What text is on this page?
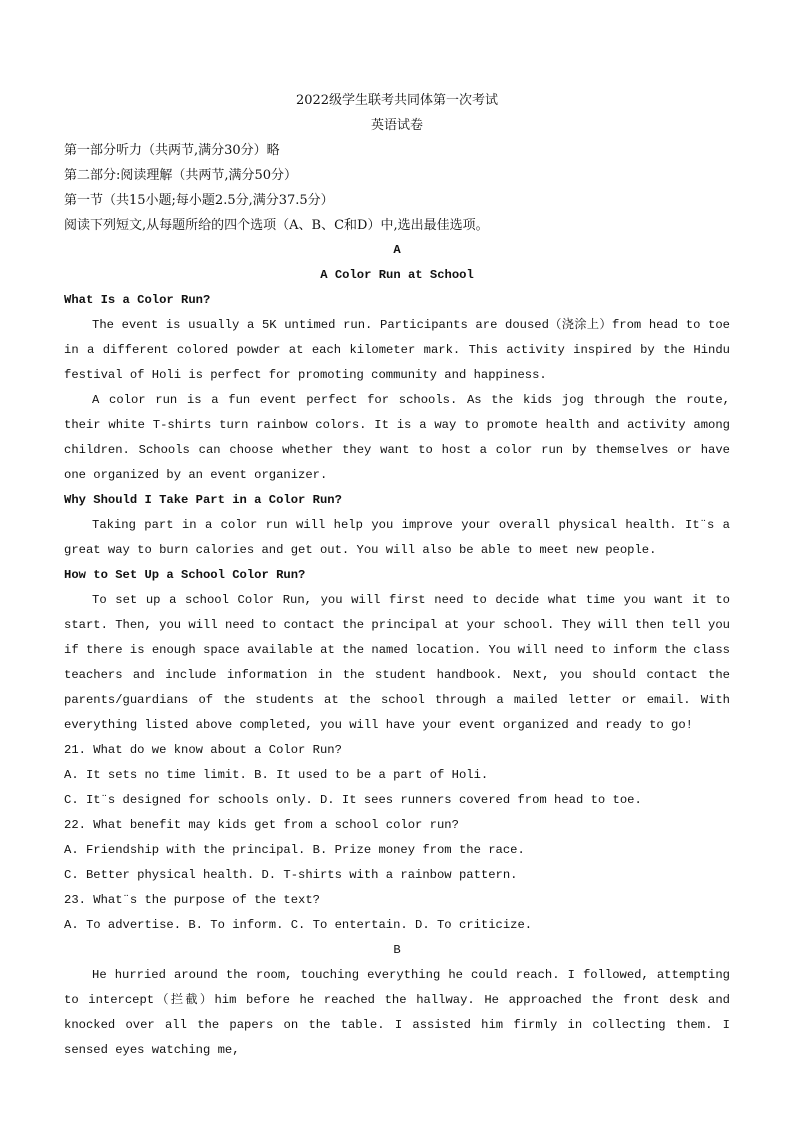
2022级学生联考共同体第一次考试
英语试卷
第一部分听力（共两节,满分30分）略
第二部分:阅读理解（共两节,满分50分）
第一节（共15小题;每小题2.5分,满分37.5分）
阅读下列短文,从每题所给的四个选项（A、B、C和D）中,选出最佳选项。
A
A Color Run at School
What Is a Color Run?

The event is usually a 5K untimed run. Participants are doused（浇涂上）from head to toe in a different colored powder at each kilometer mark. This activity inspired by the Hindu festival of Holi is perfect for promoting community and happiness.

A color run is a fun event perfect for schools. As the kids jog through the route, their white T-shirts turn rainbow colors. It is a way to promote health and activity among children. Schools can choose whether they want to host a color run by themselves or have one organized by an event organizer.

Why Should I Take Part in a Color Run?

Taking part in a color run will help you improve your overall physical health. It¨s a great way to burn calories and get out. You will also be able to meet new people.

How to Set Up a School Color Run?

To set up a school Color Run, you will first need to decide what time you want it to start. Then, you will need to contact the principal at your school. They will then tell you if there is enough space available at the named location. You will need to inform the class teachers and include information in the student handbook. Next, you should contact the parents/guardians of the students at the school through a mailed letter or email. With everything listed above completed, you will have your event organized and ready to go!

21. What do we know about a Color Run?

A. It sets no time limit. B. It used to be a part of Holi.

C. It¨s designed for schools only. D. It sees runners covered from head to toe.

22. What benefit may kids get from a school color run?

A. Friendship with the principal. B. Prize money from the race.

C. Better physical health. D. T-shirts with a rainbow pattern.

23. What¨s the purpose of the text?

A. To advertise. B. To inform. C. To entertain. D. To criticize.

B

He hurried around the room, touching everything he could reach. I followed, attempting to intercept（拦截）him before he reached the hallway. He approached the front desk and knocked over all the papers on the table. I assisted him firmly in collecting them. I sensed eyes watching me,
